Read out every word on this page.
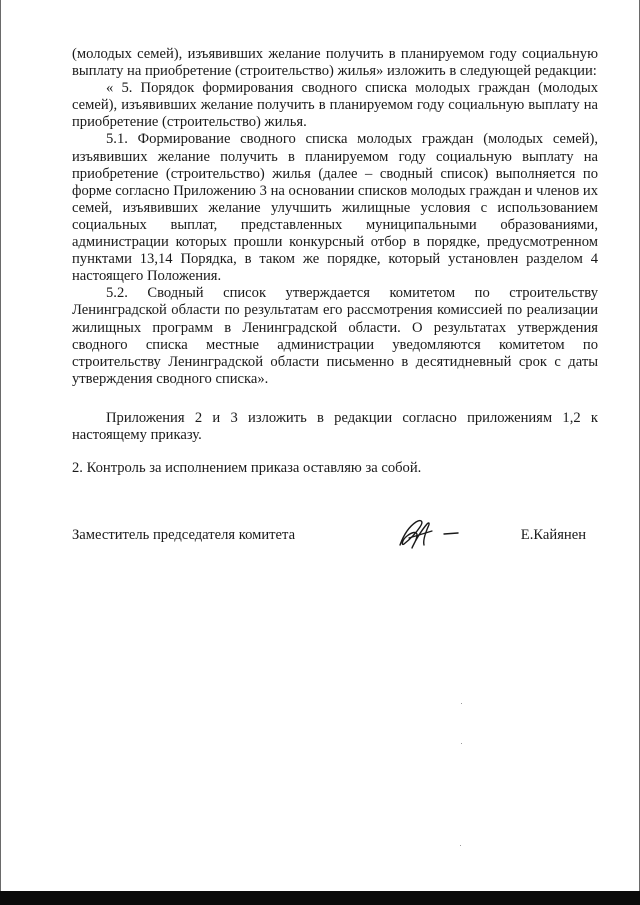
(молодых семей), изъявивших желание получить в планируемом году социальную выплату на приобретение (строительство) жилья» изложить в следующей редакции:

« 5. Порядок формирования сводного списка молодых граждан (молодых семей), изъявивших желание получить в планируемом году социальную выплату на приобретение (строительство) жилья.

5.1. Формирование сводного списка молодых граждан (молодых семей), изъявивших желание получить в планируемом году социальную выплату на приобретение (строительство) жилья (далее – сводный список) выполняется по форме согласно Приложению 3 на основании списков молодых граждан и членов их семей, изъявивших желание улучшить жилищные условия с использованием социальных выплат, представленных муниципальными образованиями, администрации которых прошли конкурсный отбор в порядке, предусмотренном пунктами 13,14 Порядка, в таком же порядке, который установлен разделом 4 настоящего Положения.

5.2. Сводный список утверждается комитетом по строительству Ленинградской области по результатам его рассмотрения комиссией по реализации жилищных программ в Ленинградской области. О результатах утверждения сводного списка местные администрации уведомляются комитетом по строительству Ленинградской области письменно в десятидневный срок с даты утверждения сводного списка».

Приложения 2 и 3 изложить в редакции согласно приложениям 1,2 к настоящему приказу.

2. Контроль за исполнением приказа оставляю за собой.

Заместитель председателя комитета	Е.Кайянен
